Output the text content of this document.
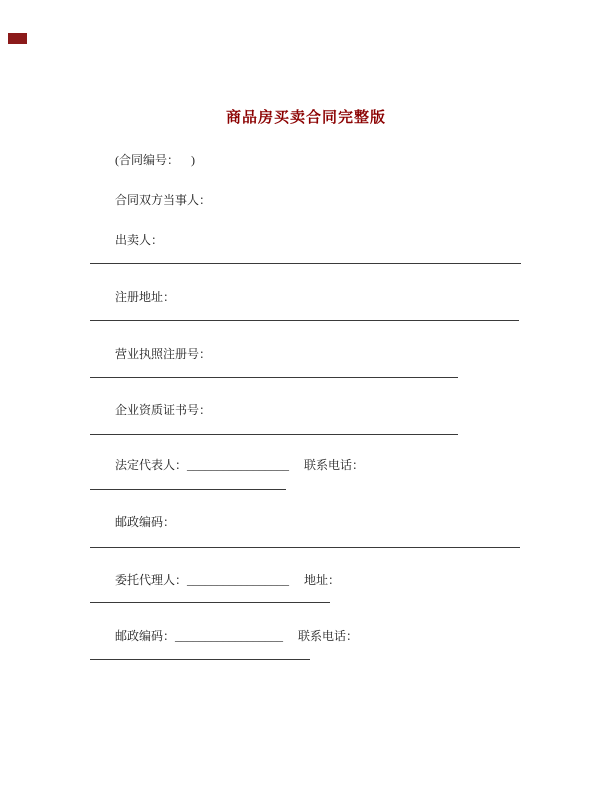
商品房买卖合同完整版
(合同编号：    )
合同双方当事人：
出卖人：
注册地址：
营业执照注册号：
企业资质证书号：
法定代表人：_________________　 联系电话：
邮政编码：
委托代理人：_________________　 地址：
邮政编码：__________________　 联系电话：
